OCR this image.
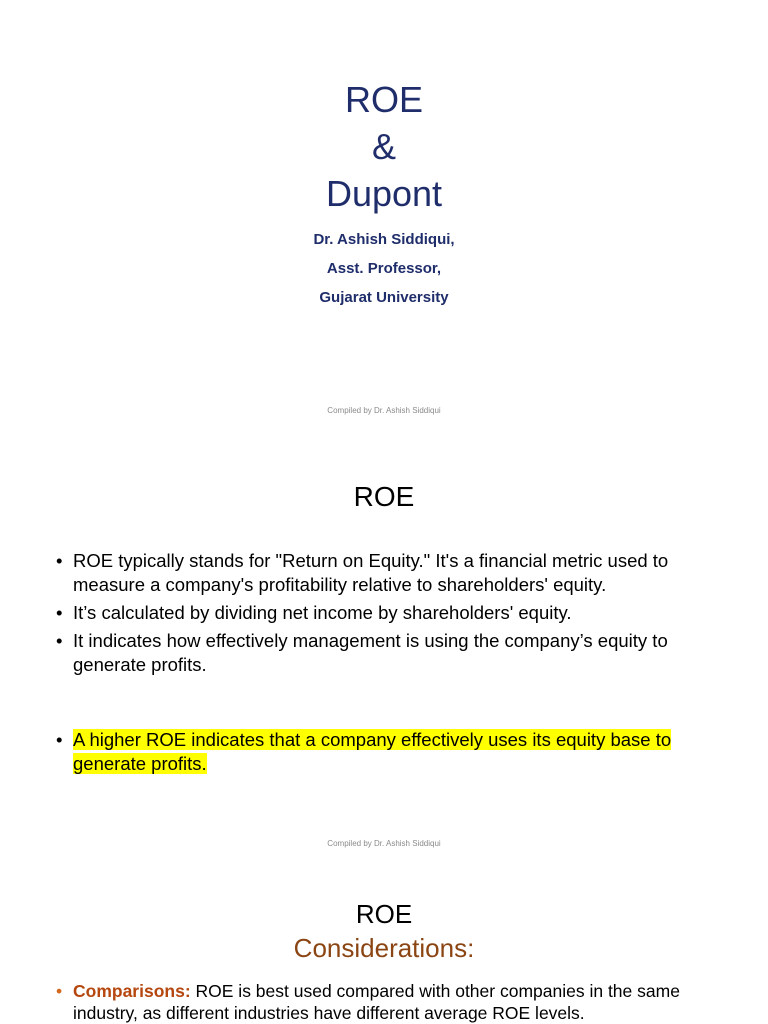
ROE
&
Dupont
Dr. Ashish Siddiqui,
Asst. Professor,
Gujarat University
Compiled by Dr. Ashish Siddiqui
ROE
• ROE typically stands for "Return on Equity." It's a financial metric used to measure a company's profitability relative to shareholders' equity.
• It’s calculated by dividing net income by shareholders' equity.
• It indicates how effectively management is using the company’s equity to generate profits.
• A higher ROE indicates that a company effectively uses its equity base to generate profits.
Compiled by Dr. Ashish Siddiqui
ROE
Considerations:
• Comparisons: ROE is best used compared with other companies in the same industry, as different industries have different average ROE levels.
